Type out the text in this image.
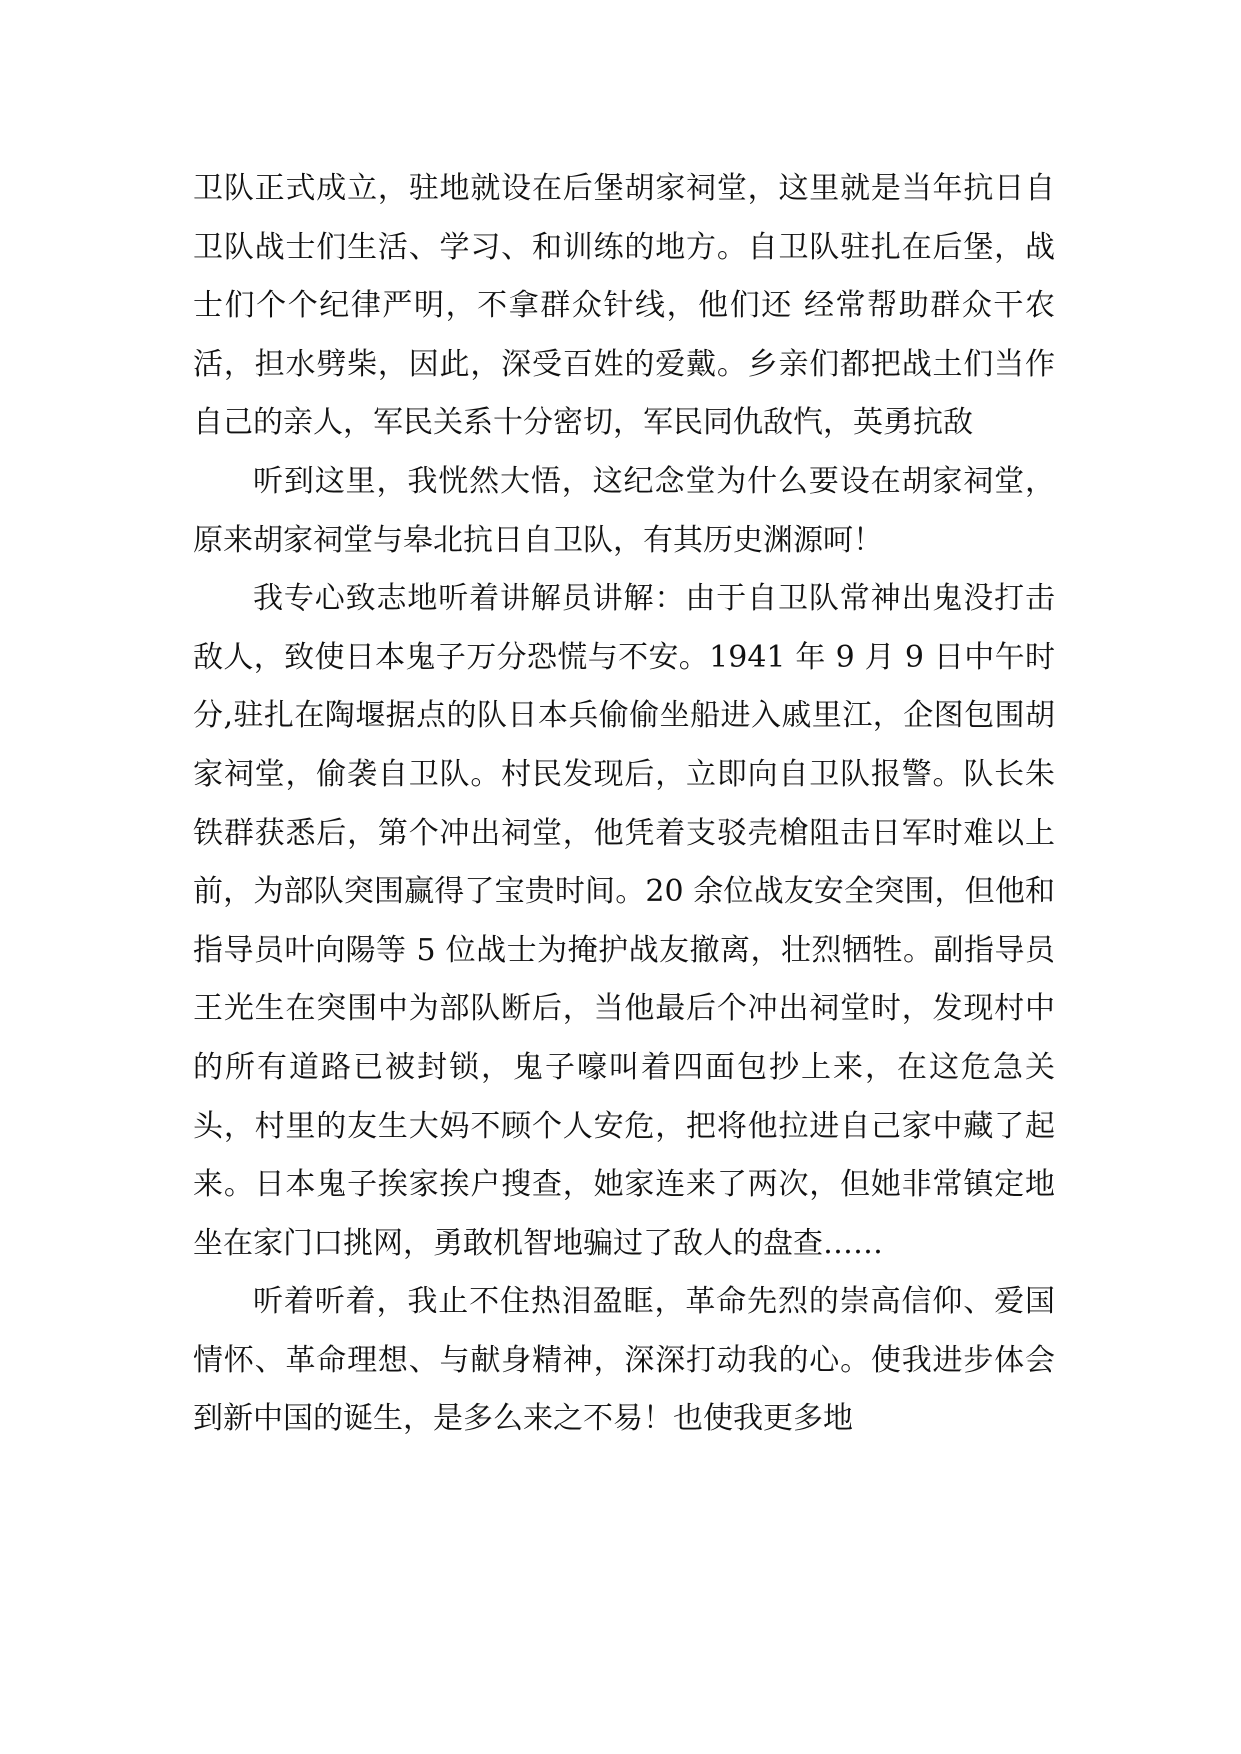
卫队正式成立，驻地就设在后堡胡家祠堂，这里就是当年抗日自卫队战士们生活、学习、和训练的地方。自卫队驻扎在后堡，战士们个个纪律严明，不拿群众针线，他们还 经常帮助群众干农活，担水劈柴，因此，深受百姓的爱戴。乡亲们都把战土们当作自己的亲人，军民关系十分密切，军民同仇敌忾，英勇抗敌

听到这里，我恍然大悟，这纪念堂为什么要设在胡家祠堂，原来胡家祠堂与皋北抗日自卫队，有其历史渊源呵！

我专心致志地听着讲解员讲解：由于自卫队常神出鬼没打击敌人，致使日本鬼子万分恐慌与不安。1941 年 9 月 9 日中午时分,驻扎在陶堰据点的队日本兵偷偷坐船进入戚里江，企图包围胡家祠堂，偷袭自卫队。村民发现后，立即向自卫队报警。队长朱铁群获悉后，第个冲出祠堂，他凭着支驳壳槍阻击日军时难以上前，为部队突围赢得了宝贵时间。20 余位战友安全突围，但他和指导员叶向陽等 5 位战士为掩护战友撤离，壮烈牺牲。副指导员王光生在突围中为部队断后，当他最后个冲出祠堂时，发现村中的所有道路已被封锁，鬼子嚎叫着四面包抄上来，在这危急关头，村里的友生大妈不顾个人安危，把将他拉进自己家中藏了起来。日本鬼子挨家挨户搜查，她家连来了两次，但她非常镇定地坐在家门口挑网，勇敢机智地骗过了敌人的盘查……

听着听着，我止不住热泪盈眶，革命先烈的崇高信仰、爱国情怀、革命理想、与献身精神，深深打动我的心。使我进步体会到新中国的诞生，是多么来之不易！也使我更多地
